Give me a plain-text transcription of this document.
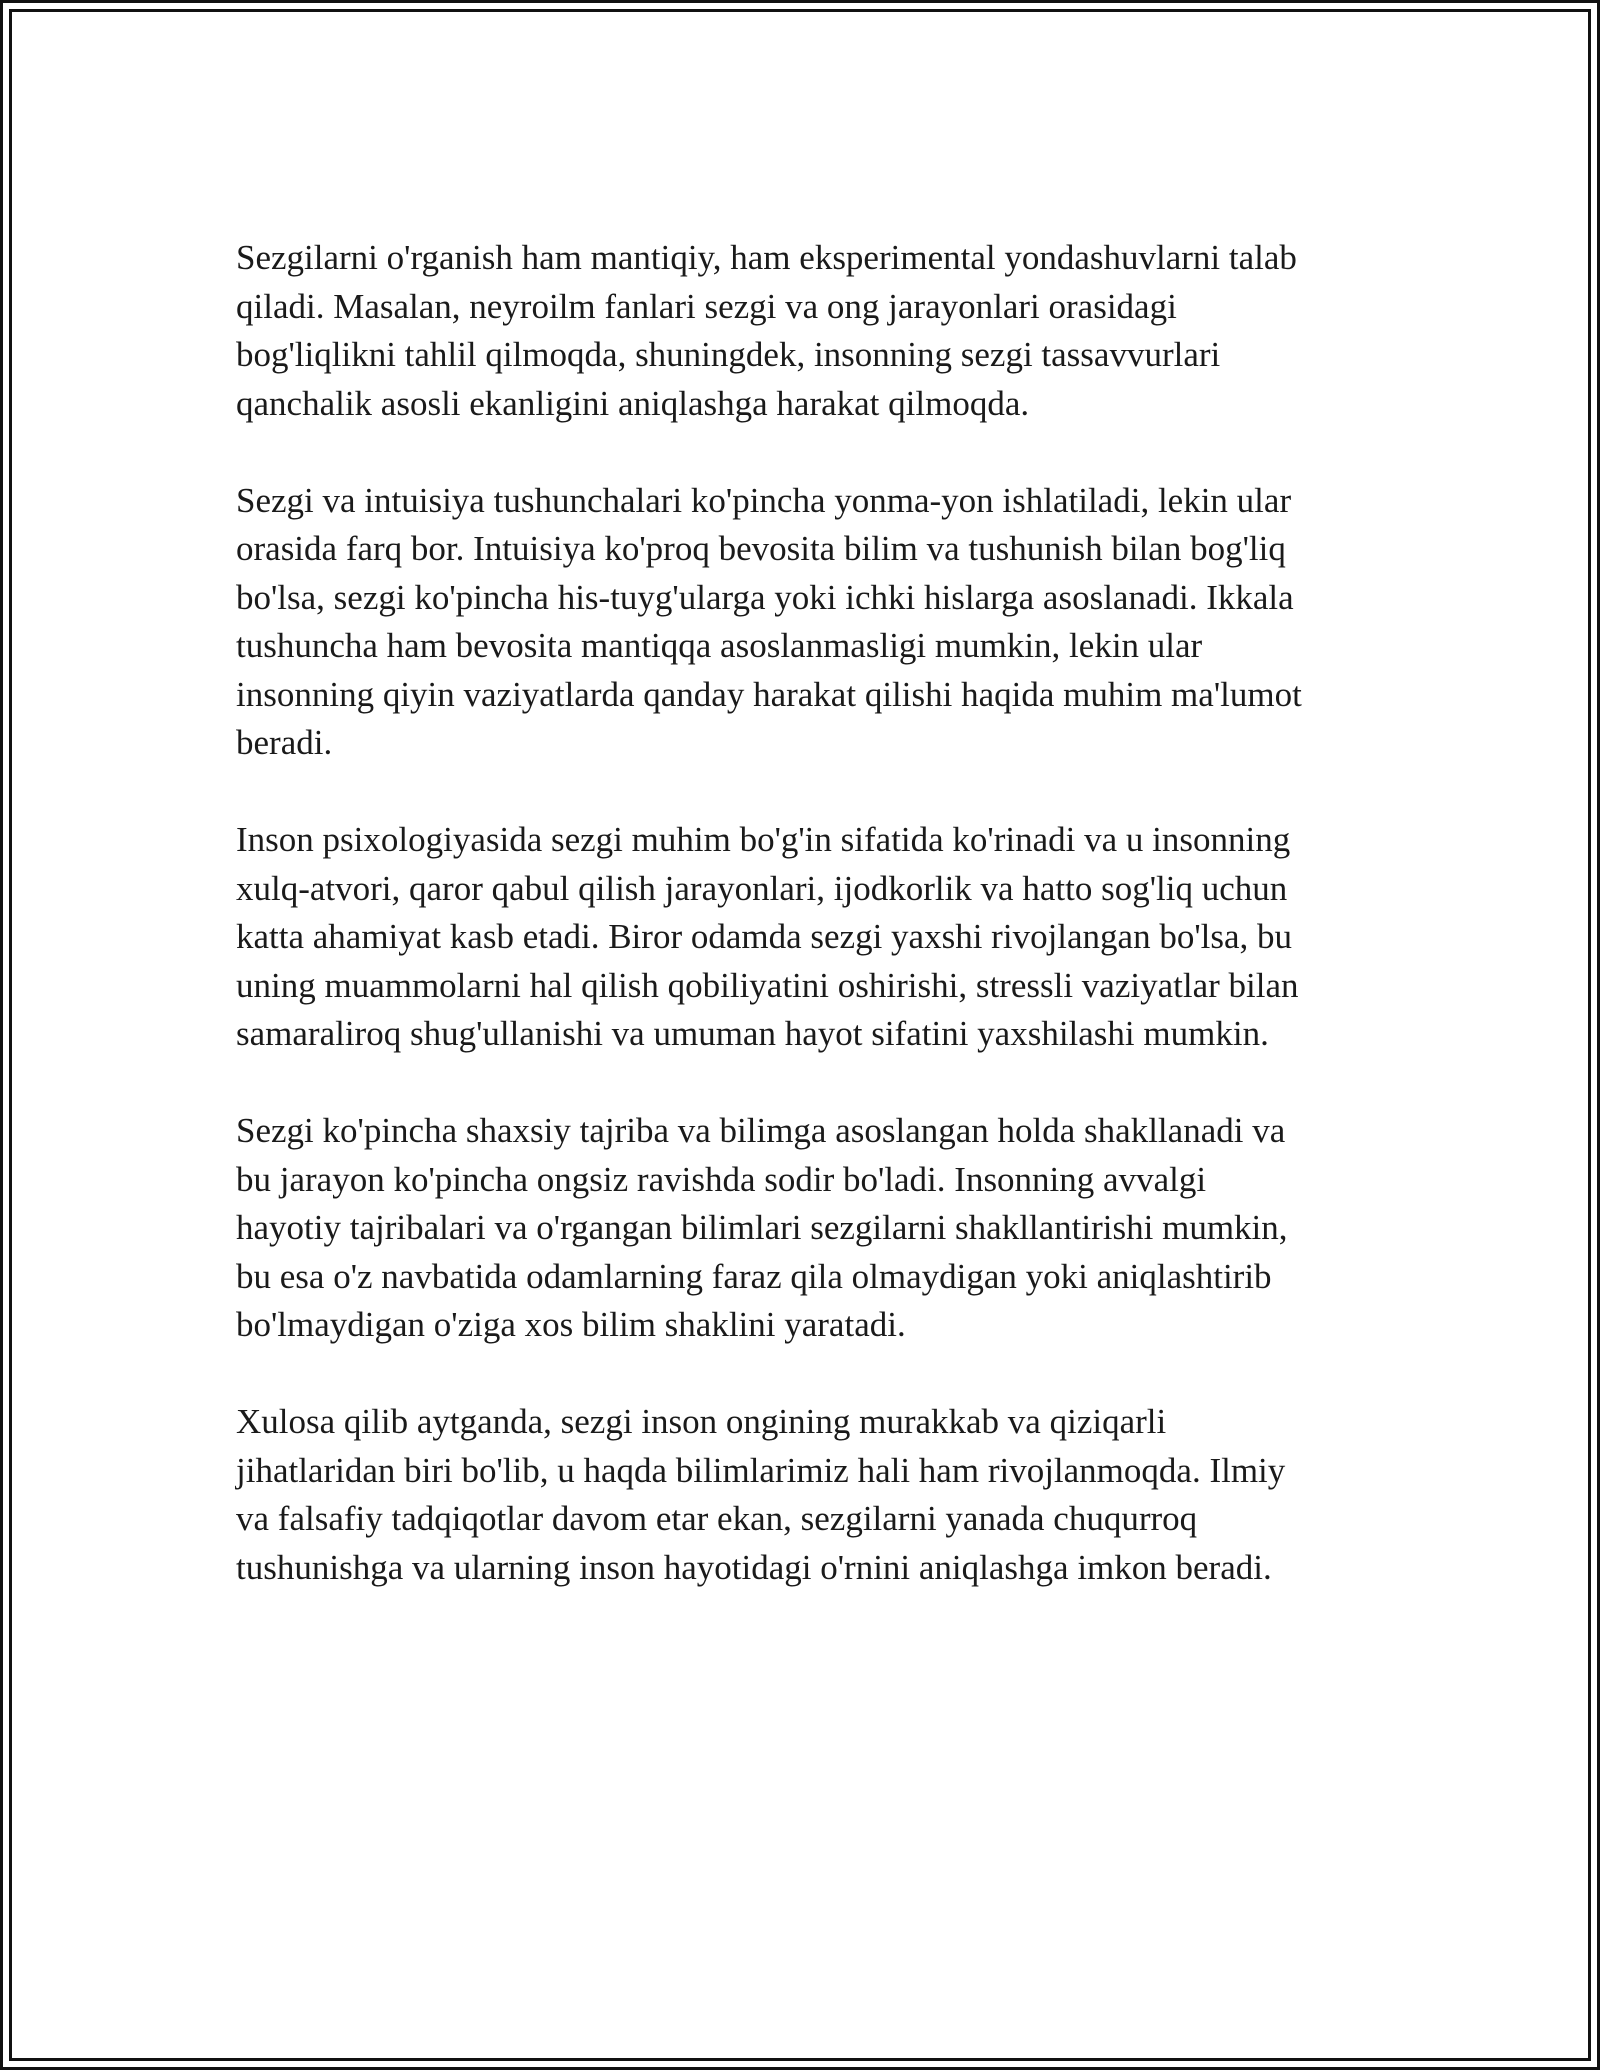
Sezgilarni o'rganish ham mantiqiy, ham eksperimental yondashuvlarni talab
qiladi. Masalan, neyroilm fanlari sezgi va ong jarayonlari orasidagi
bog'liqlikni tahlil qilmoqda, shuningdek, insonning sezgi tassavvurlari
qanchalik asosli ekanligini aniqlashga harakat qilmoqda.

Sezgi va intuisiya tushunchalari ko'pincha yonma-yon ishlatiladi, lekin ular
orasida farq bor. Intuisiya ko'proq bevosita bilim va tushunish bilan bog'liq
bo'lsa, sezgi ko'pincha his-tuyg'ularga yoki ichki hislarga asoslanadi. Ikkala
tushuncha ham bevosita mantiqqa asoslanmasligi mumkin, lekin ular
insonning qiyin vaziyatlarda qanday harakat qilishi haqida muhim ma'lumot
beradi.

Inson psixologiyasida sezgi muhim bo'g'in sifatida ko'rinadi va u insonning
xulq-atvori, qaror qabul qilish jarayonlari, ijodkorlik va hatto sog'liq uchun
katta ahamiyat kasb etadi. Biror odamda sezgi yaxshi rivojlangan bo'lsa, bu
uning muammolarni hal qilish qobiliyatini oshirishi, stressli vaziyatlar bilan
samaraliroq shug'ullanishi va umuman hayot sifatini yaxshilashi mumkin.

Sezgi ko'pincha shaxsiy tajriba va bilimga asoslangan holda shakllanadi va
bu jarayon ko'pincha ongsiz ravishda sodir bo'ladi. Insonning avvalgi
hayotiy tajribalari va o'rgangan bilimlari sezgilarni shakllantirishi mumkin,
bu esa o'z navbatida odamlarning faraz qila olmaydigan yoki aniqlashtirib
bo'lmaydigan o'ziga xos bilim shaklini yaratadi.

Xulosa qilib aytganda, sezgi inson ongining murakkab va qiziqarli
jihatlaridan biri bo'lib, u haqda bilimlarimiz hali ham rivojlanmoqda. Ilmiy
va falsafiy tadqiqotlar davom etar ekan, sezgilarni yanada chuqurroq
tushunishga va ularning inson hayotidagi o'rnini aniqlashga imkon beradi.
